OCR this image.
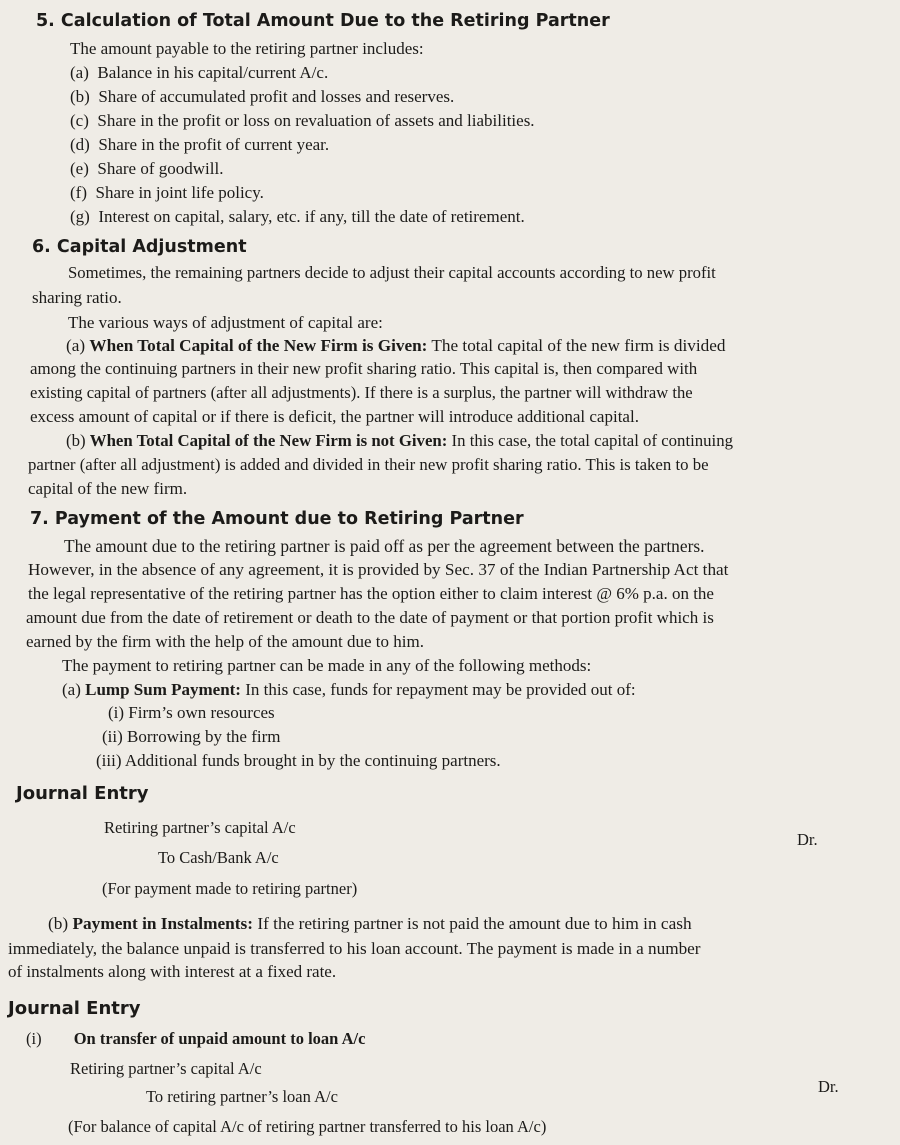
5. Calculation of Total Amount Due to the Retiring Partner
The amount payable to the retiring partner includes:
(a) Balance in his capital/current A/c.
(b) Share of accumulated profit and losses and reserves.
(c) Share in the profit or loss on revaluation of assets and liabilities.
(d) Share in the profit of current year.
(e) Share of goodwill.
(f) Share in joint life policy.
(g) Interest on capital, salary, etc. if any, till the date of retirement.
6. Capital Adjustment
Sometimes, the remaining partners decide to adjust their capital accounts according to new profit
sharing ratio.
The various ways of adjustment of capital are:
(a) When Total Capital of the New Firm is Given: The total capital of the new firm is divided
among the continuing partners in their new profit sharing ratio. This capital is, then compared with
existing capital of partners (after all adjustments). If there is a surplus, the partner will withdraw the
excess amount of capital or if there is deficit, the partner will introduce additional capital.
(b) When Total Capital of the New Firm is not Given: In this case, the total capital of continuing
partner (after all adjustment) is added and divided in their new profit sharing ratio. This is taken to be
capital of the new firm.
7. Payment of the Amount due to Retiring Partner
The amount due to the retiring partner is paid off as per the agreement between the partners.
However, in the absence of any agreement, it is provided by Sec. 37 of the Indian Partnership Act that
the legal representative of the retiring partner has the option either to claim interest @ 6% p.a. on the
amount due from the date of retirement or death to the date of payment or that portion profit which is
earned by the firm with the help of the amount due to him.
The payment to retiring partner can be made in any of the following methods:
(a) Lump Sum Payment: In this case, funds for repayment may be provided out of:
(i) Firm’s own resources
(ii) Borrowing by the firm
(iii) Additional funds brought in by the continuing partners.
Journal Entry
Retiring partner’s capital A/c
Dr.
To Cash/Bank A/c
(For payment made to retiring partner)
(b) Payment in Instalments: If the retiring partner is not paid the amount due to him in cash
immediately, the balance unpaid is transferred to his loan account. The payment is made in a number
of instalments along with interest at a fixed rate.
Journal Entry
(i) On transfer of unpaid amount to loan A/c
Retiring partner’s capital A/c
Dr.
To retiring partner’s loan A/c
(For balance of capital A/c of retiring partner transferred to his loan A/c)
